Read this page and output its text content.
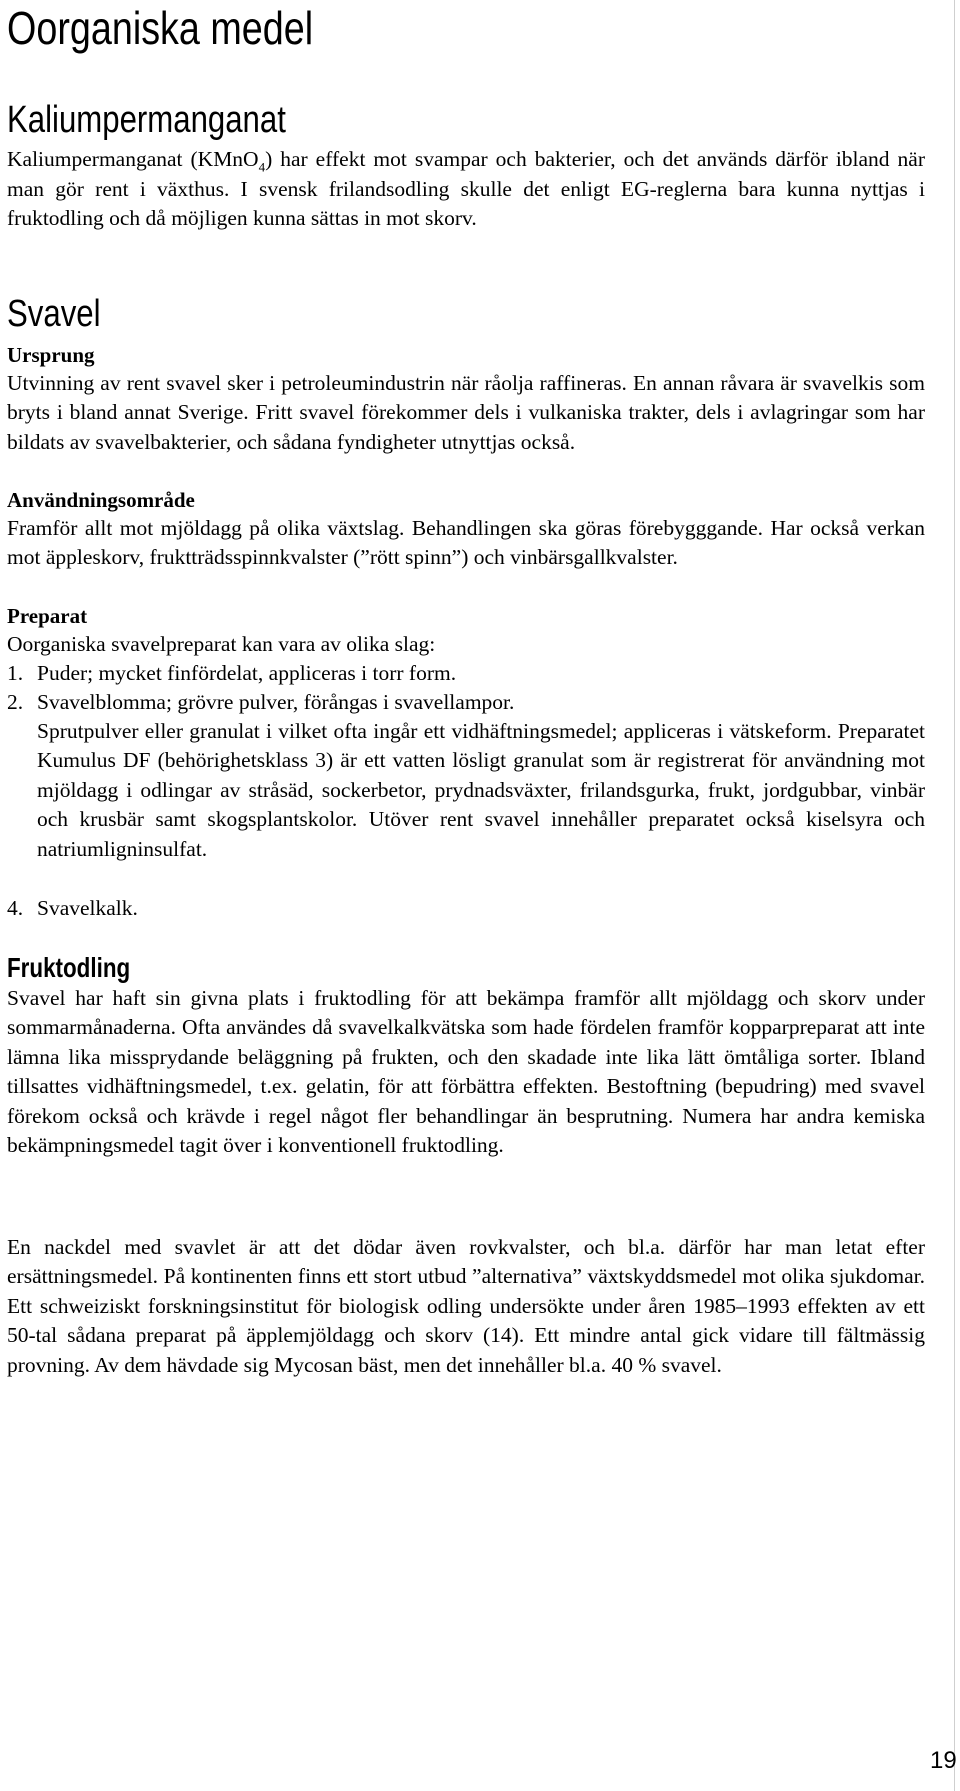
Oorganiska medel
Kaliumpermanganat

Kaliumpermanganat (KMnO$_4$) har effekt mot svampar och bakterier, och det används därför ibland när man gör rent i växthus. I svensk frilandsodling skulle det enligt EG-reglerna bara kunna nyttjas i fruktodling och då möjligen kunna sättas in mot skorv.

Svavel
Ursprung

Utvinning av rent svavel sker i petroleumindustrin när råolja raffineras. En annan råvara är svavelkis som bryts i bland annat Sverige. Fritt svavel förekommer dels i vulkaniska trakter, dels i avlagringar som har bildats av svavelbakterier, och sådana fyndigheter utnyttjas också.

Användningsområde

Framför allt mot mjöldagg på olika växtslag. Behandlingen ska göras förebygggande. Har också verkan mot äppleskorv, fruktträdsspinnkvalster (”rött spinn”) och vinbärsgallkvalster.

Preparat

Oorganiska svavelpreparat kan vara av olika slag:

1. Puder; mycket finfördelat, appliceras i torr form.
2. Svavelblomma; grövre pulver, förångas i svavellampor.
Sprutpulver eller granulat i vilket ofta ingår ett vidhäftningsmedel; appliceras i vätskeform. Preparatet Kumulus DF (behörighetsklass 3) är ett vatten lösligt granulat som är registrerat för användning mot mjöldagg i odlingar av stråsäd, sockerbetor, prydnadsväxter, frilandsgurka, frukt, jordgubbar, vinbär och krusbär samt skogsplantskolor. Utöver rent svavel innehåller preparatet också kiselsyra och natriumligninsulfat.
4. Svavelkalk.
Fruktodling

Svavel har haft sin givna plats i fruktodling för att bekämpa framför allt mjöldagg och skorv under sommarmånaderna. Ofta användes då svavelkalkvätska som hade fördelen framför kopparpreparat att inte lämna lika missprydande beläggning på frukten, och den skadade inte lika lätt ömtåliga sorter. Ibland tillsattes vidhäftningsmedel, t.ex. gelatin, för att förbättra effekten. Bestoftning (bepudring) med svavel förekom också och krävde i regel något fler behandlingar än besprutning. Numera har andra kemiska bekämpningsmedel tagit över i konventionell fruktodling.

En nackdel med svavlet är att det dödar även rovkvalster, och bl.a. därför har man letat efter ersättningsmedel. På kontinenten finns ett stort utbud ”alternativa” växtskyddsmedel mot olika sjukdomar. Ett schweiziskt forskningsinstitut för biologisk odling undersökte under åren 1985–1993 effekten av ett 50-tal sådana preparat på äpplemjöldagg och skorv (14). Ett mindre antal gick vidare till fältmässig provning. Av dem hävdade sig Mycosan bäst, men det innehåller bl.a. 40 % svavel.

19
